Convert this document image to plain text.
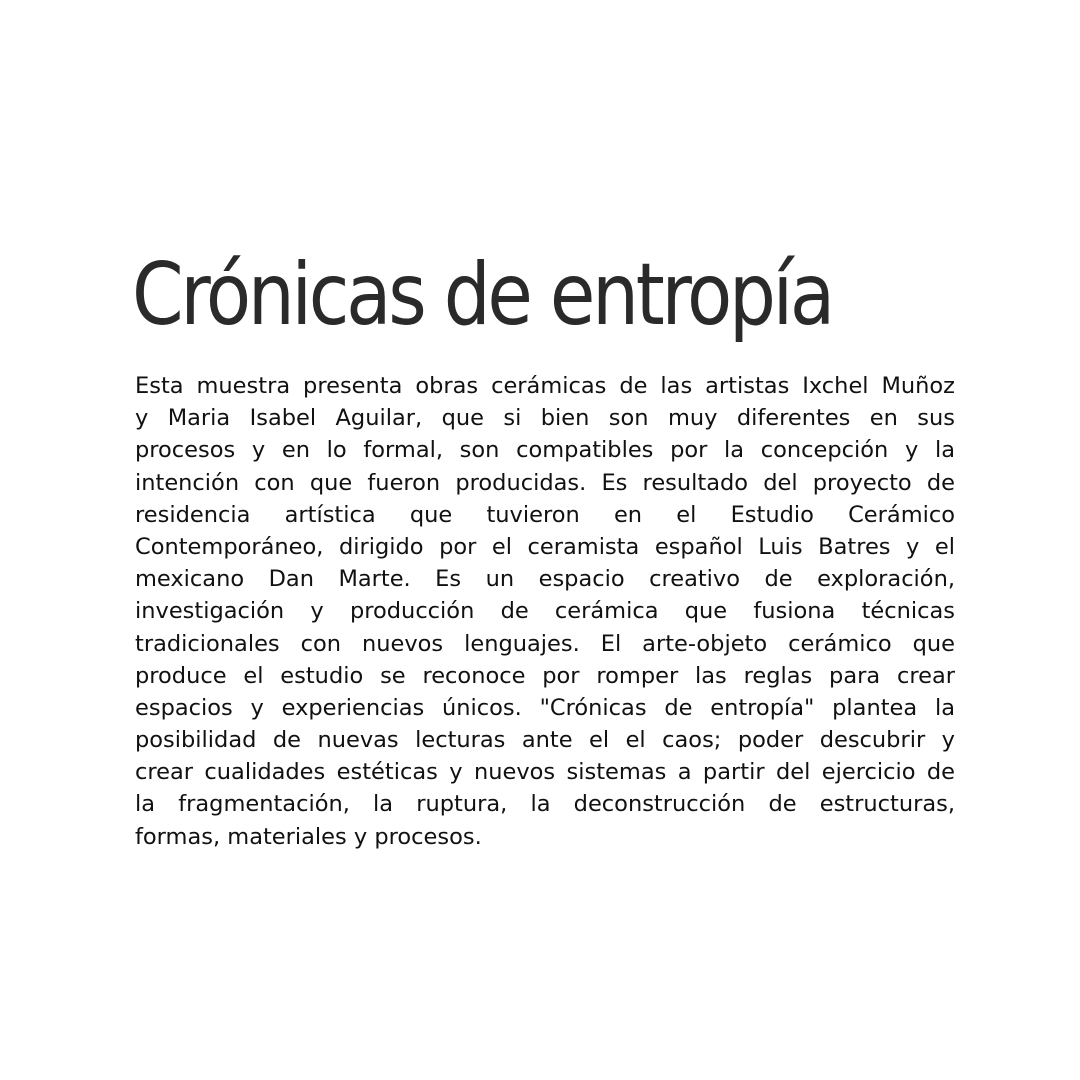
Crónicas de entropía
Esta muestra presenta obras cerámicas de las artistas Ixchel Muñoz
y Maria Isabel Aguilar, que si bien son muy diferentes en sus
procesos y en lo formal, son compatibles por la concepción y la
intención con que fueron producidas. Es resultado del proyecto de
residencia artística que tuvieron en el Estudio Cerámico
Contemporáneo, dirigido por el ceramista español Luis Batres y el
mexicano Dan Marte. Es un espacio creativo de exploración,
investigación y producción de cerámica que fusiona técnicas
tradicionales con nuevos lenguajes. El arte-objeto cerámico que
produce el estudio se reconoce por romper las reglas para crear
espacios y experiencias únicos. "Crónicas de entropía" plantea la
posibilidad de nuevas lecturas ante el el caos; poder descubrir y
crear cualidades estéticas y nuevos sistemas a partir del ejercicio de
la fragmentación, la ruptura, la deconstrucción de estructuras,
formas, materiales y procesos.
